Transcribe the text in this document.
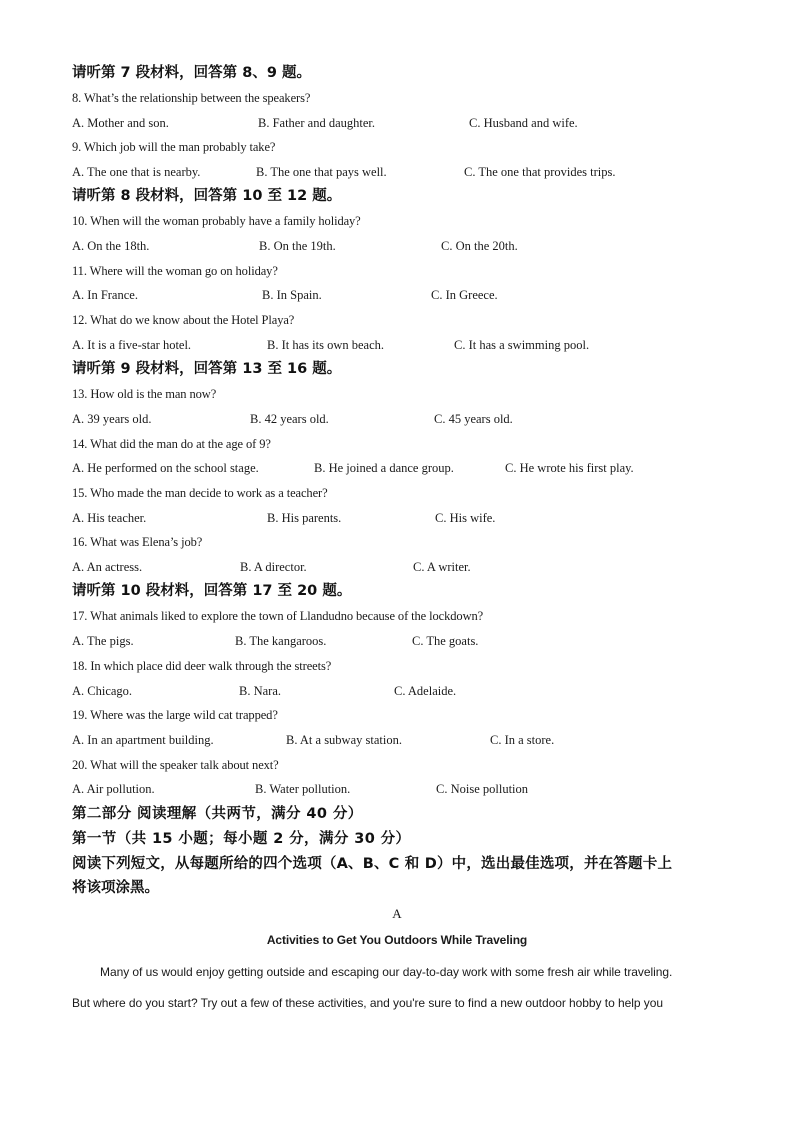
请听第 7 段材料，回答第 8、9 题。
8. What’s the relationship between the speakers?
A. Mother and son.	B. Father and daughter.	C. Husband and wife.
9. Which job will the man probably take?
A. The one that is nearby.	B. The one that pays well.	C. The one that provides trips.
请听第 8 段材料，回答第 10 至 12 题。
10. When will the woman probably have a family holiday?
A. On the 18th.	B. On the 19th.	C. On the 20th.
11. Where will the woman go on holiday?
A. In France.	B. In Spain.	C. In Greece.
12. What do we know about the Hotel Playa?
A. It is a five-star hotel.	B. It has its own beach.	C. It has a swimming pool.
请听第 9 段材料，回答第 13 至 16 题。
13. How old is the man now?
A. 39 years old.	B. 42 years old.	C. 45 years old.
14. What did the man do at the age of 9?
A. He performed on the school stage.	B. He joined a dance group.	C. He wrote his first play.
15. Who made the man decide to work as a teacher?
A. His teacher.	B. His parents.	C. His wife.
16. What was Elena’s job?
A. An actress.	B. A director.	C. A writer.
请听第 10 段材料，回答第 17 至 20 题。
17. What animals liked to explore the town of Llandudno because of the lockdown?
A. The pigs.	B. The kangaroos.	C. The goats.
18. In which place did deer walk through the streets?
A. Chicago.	B. Nara.	C. Adelaide.
19. Where was the large wild cat trapped?
A. In an apartment building.	B. At a subway station.	C. In a store.
20. What will the speaker talk about next?
A. Air pollution.	B. Water pollution.	C. Noise pollution
第二部分 阅读理解（共两节，满分 40 分）
第一节（共 15 小题；每小题 2 分，满分 30 分）
阅读下列短文，从每题所给的四个选项（A、B、C 和 D）中，选出最佳选项，并在答题卡上
将该项涂黑。
A
Activities to Get You Outdoors While Traveling
Many of us would enjoy getting outside and escaping our day-to-day work with some fresh air while traveling.
But where do you start? Try out a few of these activities, and you're sure to find a new outdoor hobby to help you
